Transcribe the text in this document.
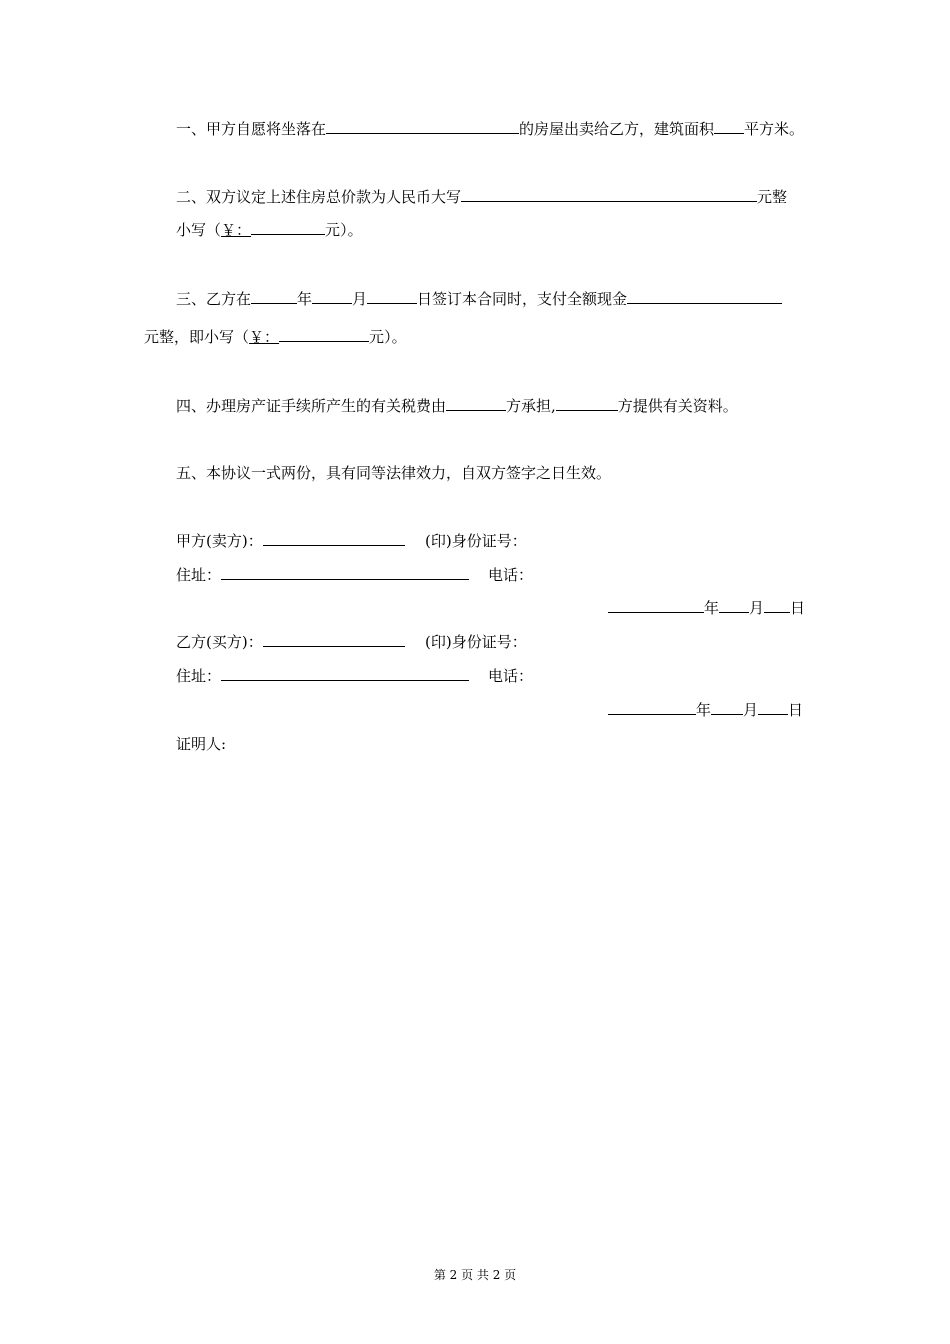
一、甲方自愿将坐落在	的房屋出卖给乙方，建筑面积 平方米。
二、双方议定上述住房总价款为人民币大写	元整
小写（￥：	元）。
三、乙方在	年	月	日签订本合同时，支付全额现金
元整，即小写（￥：	元）。
四、办理房产证手续所产生的有关税费由	方承担,	方提供有关资料。
五、本协议一式两份，具有同等法律效力，自双方签字之日生效。
甲方(卖方)：	(印)身份证号：
住址：	电话：
年 月 日
乙方(买方)：	(印)身份证号：
住址：	电话：
年 月 日
证明人:
第 2 页 共 2 页
